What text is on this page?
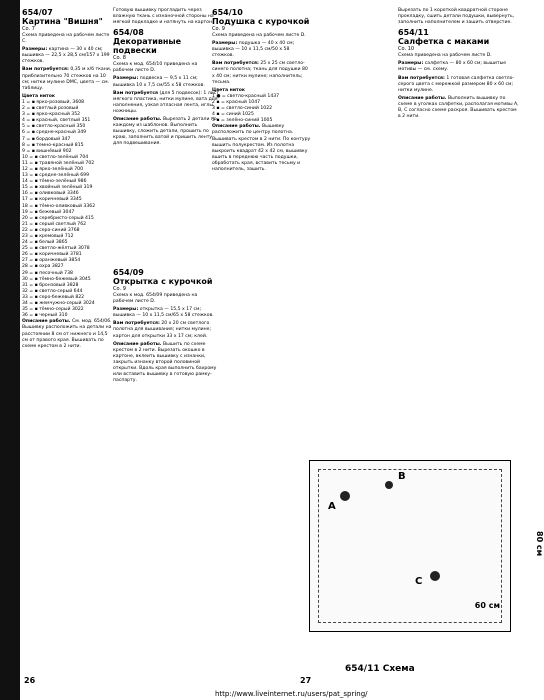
654/07
Картина "Вишня"
Со. 7

Схема приведена на рабочем листе С.

Размеры: картина — 30 х 40 см; вышивка — 22,5 х 28,5 см/157 х 199 стежков.

Вам потребуется: 0,35 м х/б ткани, приблизительно 70 стежков на 10 см; нитки мулине DMC, цвета — см. таблицу.

Цвета ниток
1 = ▪ ярко-розовый, 3608
2 = ▪ светлый розовый
3 = ▪ ярко-красный 352
4 = ▪ красный, светлый 351
5 = ▪ светло-красный 350
6 = ▪ средне-красный 349
7 = ▪ бордовый 347
8 = ▪ темно-красный 815
9 = ▪ вишнёвый 902
10 = ▪ светло-зелёный 704
11 = ▪ травяной зелёный 702
12 = ▪ ярко-зелёный 700
13 = ▪ средне-зелёный 699
14 = ▪ тёмно-зелёный 986
15 = ▪ хвойный зелёный 319
16 = ▪ оливковый 3346
17 = ▪ коричневый 3345
18 = ▪ тёмно-оливковый 3362
19 = ▪ бежевый 3047
20 = ▪ серебристо-серый 415
21 = ▪ серый светлый 762
22 = ▪ серо-синий 3768
23 = ▪ кремовый 712
24 = ▪ белый 3865
25 = ▪ светло-жёлтый 3078
26 = ▪ коричневый 3781
27 = ▪ оранжевый 3854
28 = ▪ охра 3827
29 = ▪ песочный 738
30 = ▪ тёмно-бежевый 3045
31 = ▪ бронзовый 3828
32 = ▪ светло-серый 644
33 = ▪ серо-бежевый 822
34 = ▪ жемчужно-серый 3024
35 = ▪ тёмно-серый 3022
36 = ▪ черный 310

Описание работы. См. мод. 654/06. Вышивку расположить на детали на расстоянии 8 см от нижнего и 14,5 см от правого края. Вышивать по схеме крестом в 2 нити.

26

Готовую вышивку прогладить через влажную ткань с изнаночной стороны на мягкой подкладке и натянуть на картон.

654/08
Декоративные подвески
Со. 8

Схема к мод. 654/10 приведена на рабочем листе D.

Размеры: подвеска — 9,5 х 11 см; вышивка 10 х 7,5 см/55 х 58 стежков.

Вам потребуется (для 5 подвесок): 1 лист мягкого пластика, нитки мулине, вата для наполнения, узкая атласная лента, иглы, ножницы.

Описание работы. Вырезать 2 детали по каждому из шаблонов. Выполнить вышивку, сложить детали, прошить по краю, заполнить ватой и пришить ленту для подвешивания.

654/09
Открытка с курочкой
Со. 9

Схема к мод. 654/09 приведена на рабочем листе D.

Размеры: открытка — 15,5 х 17 см; вышивка — 10 х 11,5 см/65 х 58 стежков.

Вам потребуется: 20 х 20 см светлого полотна для вышивания; нитки мулине; картон для открытки 33 х 17 см; клей.

Описание работы. Вышить по схеме крестом в 2 нити. Вырезать окошко в картоне, вклеить вышивку с изнанки, закрыть изнанку второй половиной открытки. Вдоль края выполнить бахрому или вставить вышивку в готовую рамку-паспарту.

27
654/10
Подушка с курочкой
Со. 9

Схема приведена на рабочем листе D.

Размеры: подушка — 40 х 40 см; вышивка — 10 х 11,5 см/50 х 58 стежков.

Вам потребуется: 25 х 25 см светло-синего полотна; ткань для подушки 80 х 40 см; нитки мулине; наполнитель; тесьма.

Цвета ниток
1 ● = светло-красный 1437
2 ▪ = красный 1047
3 ▪ = светло-синий 1022
4 ▪ = синий 1025
5 ▪ = зелёно-синий 1005

Описание работы. Вышивку расположить по центру полотна. Вышивать крестом в 2 нити. По контуру вышить полукрестом. Из полотна выкроить квадрат 42 х 42 см, вышивку вшить в переднюю часть подушки, обработать края, вставить тесьму и наполнитель, зашить.

Вырезать по 1 короткой квадратной стороне прокладку, сшить детали подушки, вывернуть, заполнить наполнителем и зашить отверстие.

654/11
Салфетка с маками
Со. 10

Схема приведена на рабочем листе D.

Размеры: салфетка — 80 х 60 см; вышитые мотивы — см. схему.

Вам потребуется: 1 готовая салфетка светло-серого цвета с мережкой размером 80 х 60 см; нитки мулине.

Описание работы. Выполнить вышивку по схеме в уголках салфетки, располагая мотивы A, B, C согласно схеме раскроя. Вышивать крестом в 2 нити.

A
B
C
80 см
60 см
654/11 Схема
http://www.liveinternet.ru/users/pat_spring/
